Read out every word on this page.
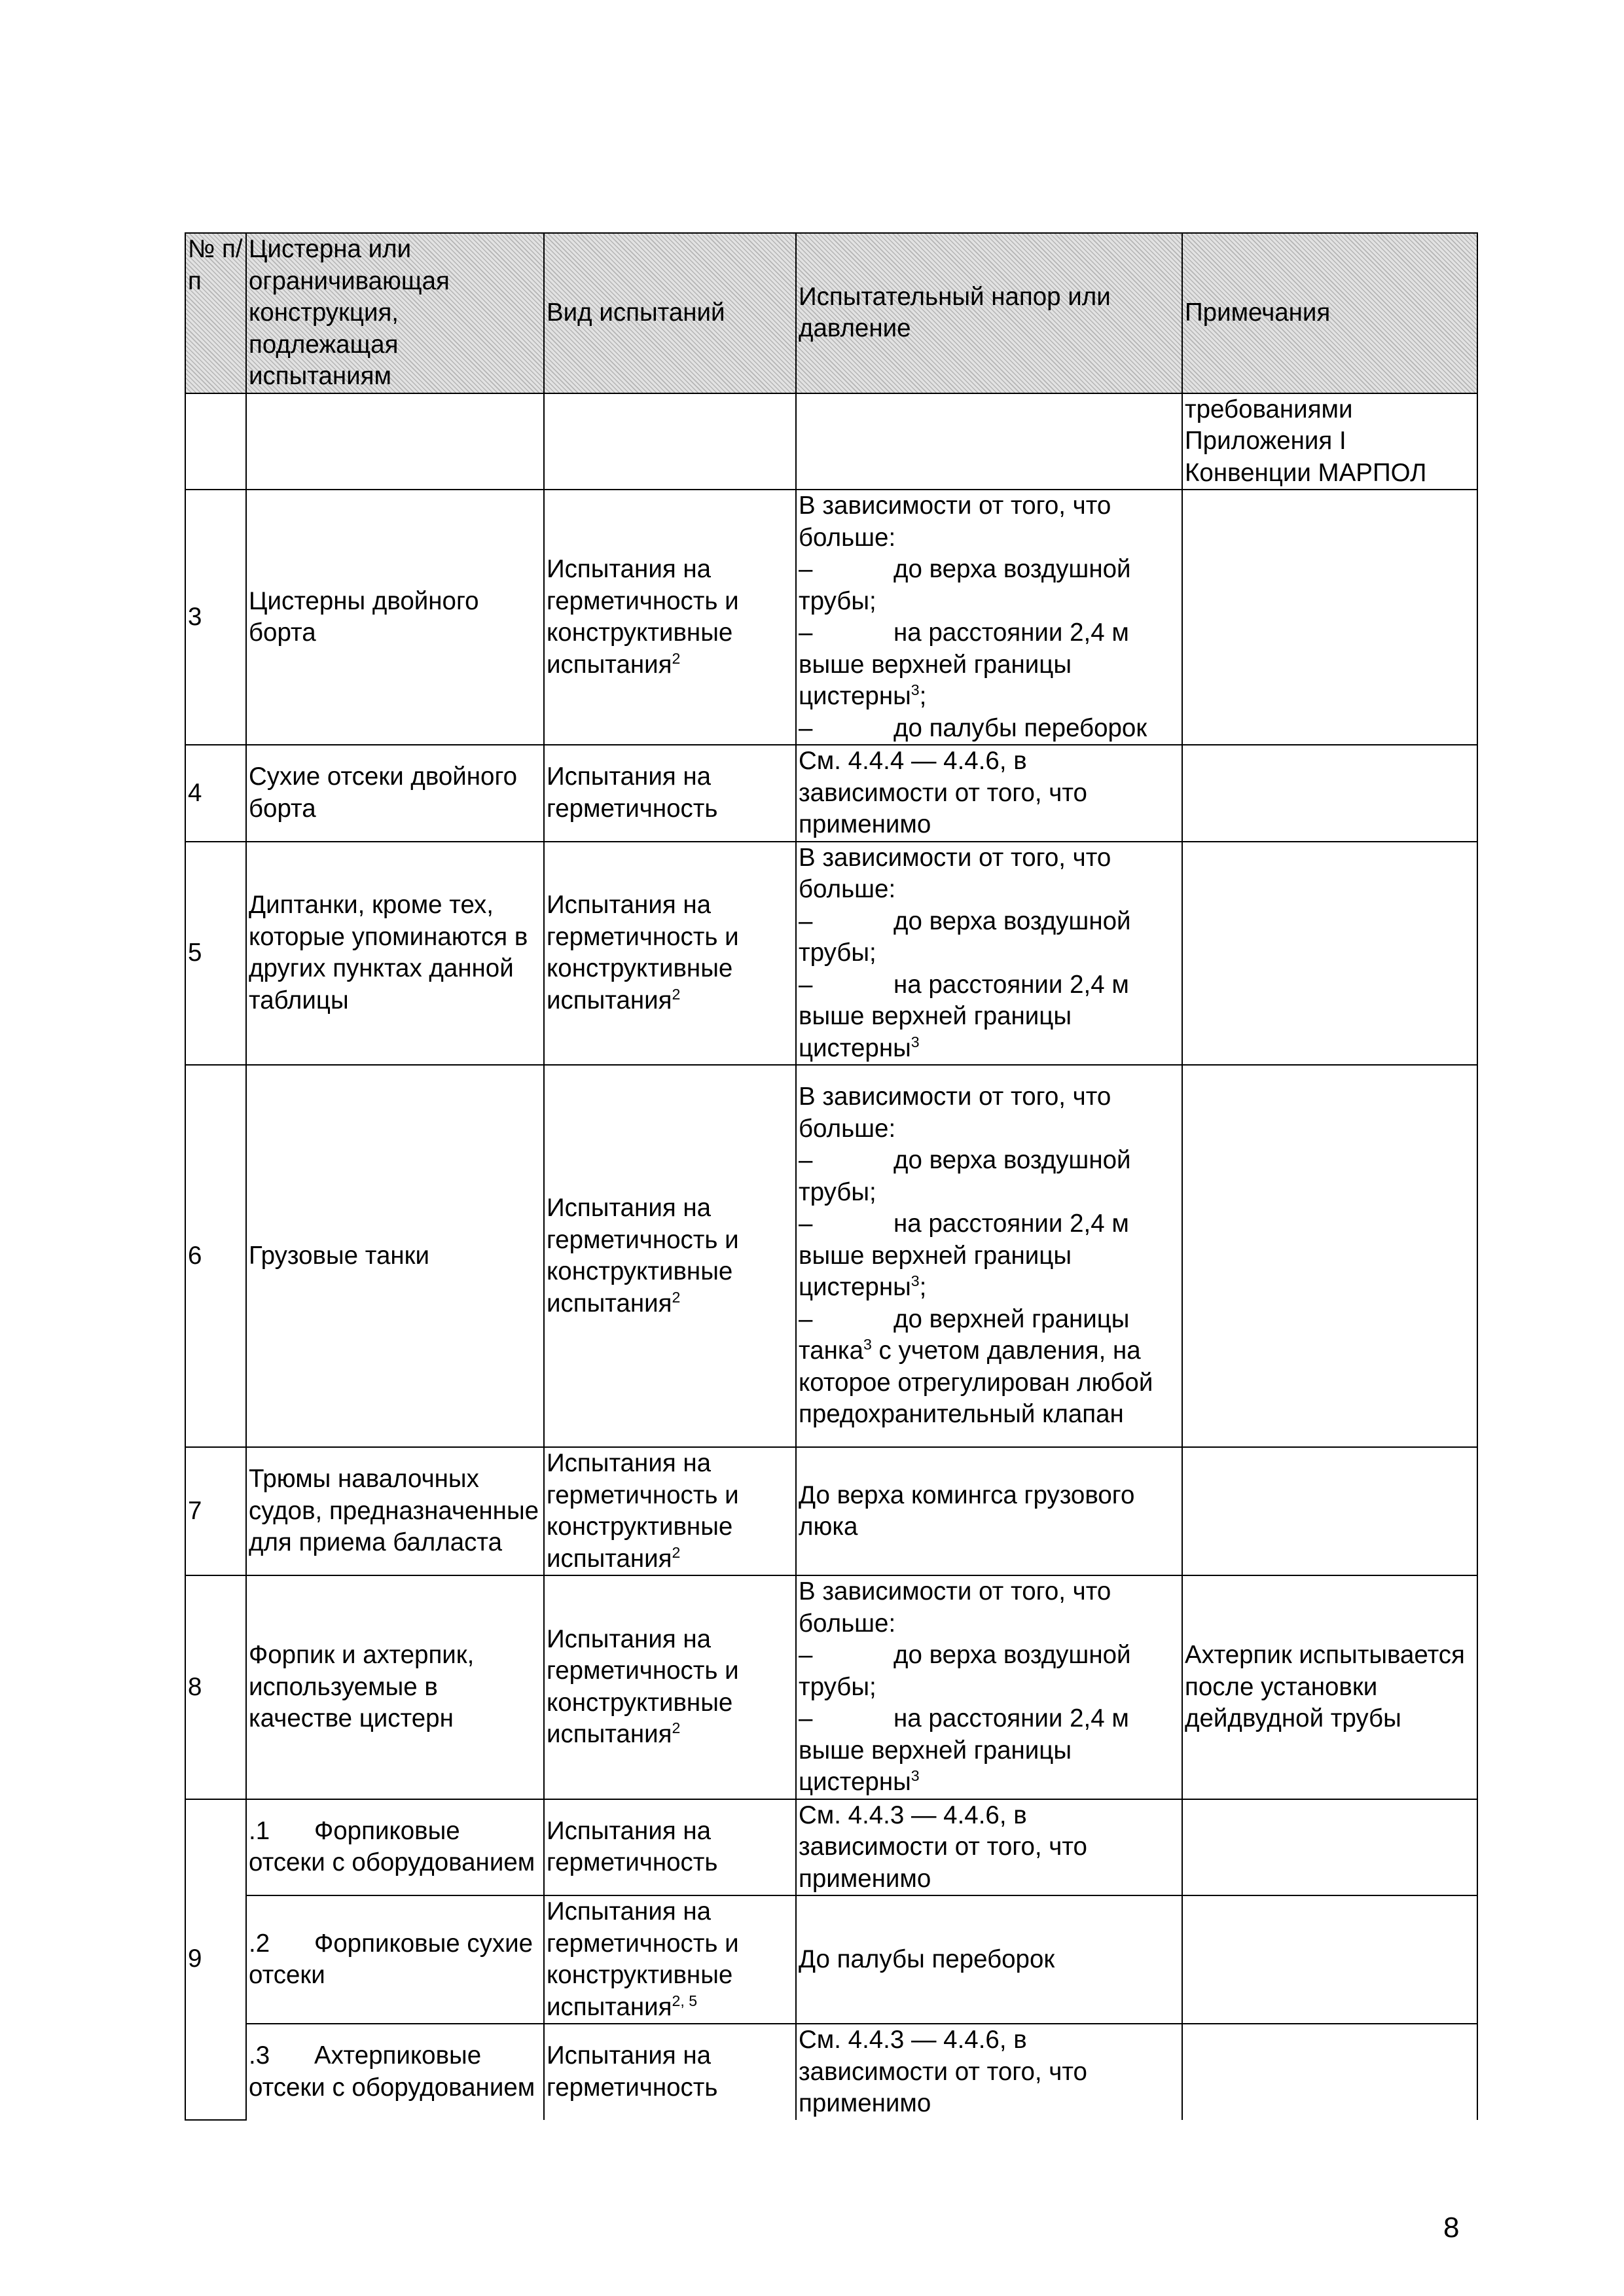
№ п/п	Цистерна или ограничивающая конструкция, подлежащая испытаниям	Вид испытаний	Испытательный напор или давление	Примечания
				требованиями Приложения I Конвенции МАРПОЛ
3	Цистерны двойного борта	Испытания на герметичность и конструктивные испытания$^2$	В зависимости от того, что больше:
– до верха воздушной трубы;
– на расстоянии 2,4 м выше верхней границы цистерны$^3$;
– до палубы переборок	

4	Сухие отсеки двойного борта	Испытания на герметичность	См. 4.4.4 — 4.4.6, в зависимости от того, что применимо	
5	Диптанки, кроме тех, которые упоминаются в других пунктах данной таблицы	Испытания на герметичность и конструктивные испытания$^2$	В зависимости от того, что больше:
– до верха воздушной трубы;
– на расстоянии 2,4 м выше верхней границы цистерны$^3$

6	Грузовые танки	Испытания на герметичность и конструктивные испытания$^2$	В зависимости от того, что больше:
– до верха воздушной трубы;
– на расстоянии 2,4 м выше верхней границы цистерны$^3$;
– до верхней границы танка$^3$ с учетом давления, на которое отрегулирован любой предохранительный клапан	

7	Трюмы навалочных судов, предназначенные для приема балласта	Испытания на герметичность и конструктивные испытания$^2$	До верха комингса грузового люка	
8	Форпик и ахтерпик, используемые в качестве цистерн	Испытания на герметичность и конструктивные испытания$^2$	В зависимости от того, что больше:
– до верха воздушной трубы;
– на расстоянии 2,4 м выше верхней границы цистерны$^3$	Ахтерпик испытывается после установки дейдвудной трубы
9	.1 Форпиковые отсеки с оборудованием	Испытания на герметичность	См. 4.4.3 — 4.4.6, в зависимости от того, что применимо	
	.2 Форпиковые сухие отсеки	Испытания на герметичность и конструктивные испытания$^{2, 5}$	До палубы переборок	
	.3 Ахтерпиковые отсеки с оборудованием	Испытания на герметичность	См. 4.4.3 — 4.4.6, в зависимости от того, что применимо	
8
